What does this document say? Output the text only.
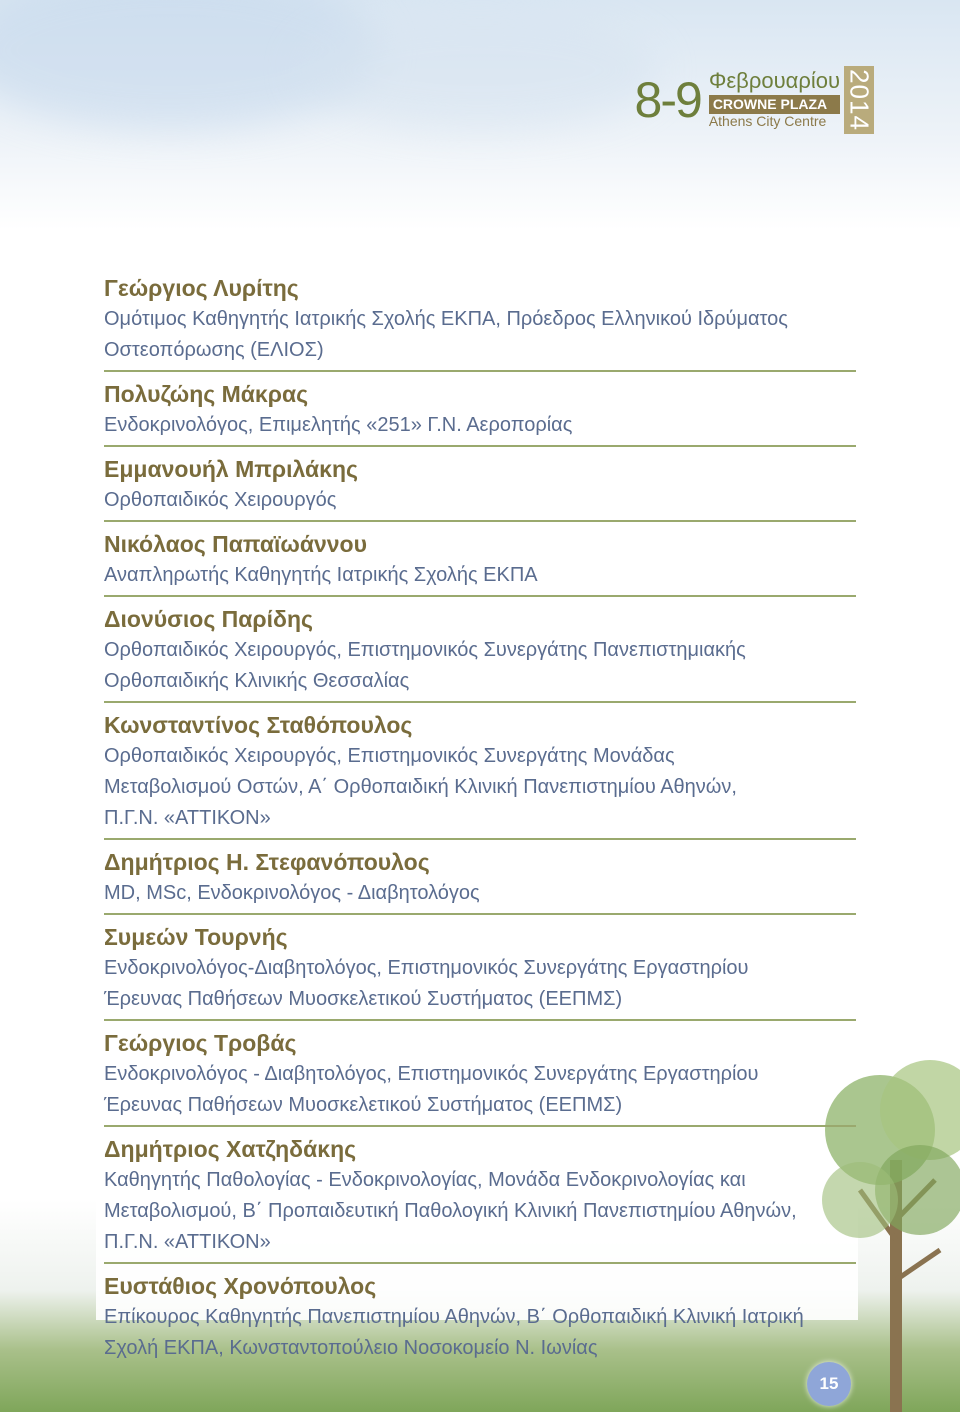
8-9 Φεβρουαρίου
CROWNE PLAZA
Athens City Centre 2014
Γεώργιος Λυρίτης
Ομότιμος Καθηγητής Ιατρικής Σχολής ΕΚΠΑ, Πρόεδρος Ελληνικού Ιδρύματος
Οστεοπόρωσης (ΕΛΙΟΣ)
Πολυζώης Μάκρας
Ενδοκρινολόγος, Επιμελητής «251» Γ.Ν. Αεροπορίας
Εμμανουήλ Μπριλάκης
Ορθοπαιδικός Χειρουργός
Νικόλαος Παπαϊωάννου
Αναπληρωτής Καθηγητής Ιατρικής Σχολής ΕΚΠΑ
Διονύσιος Παρίδης
Ορθοπαιδικός Χειρουργός, Επιστημονικός Συνεργάτης Πανεπιστημιακής
Ορθοπαιδικής Κλινικής Θεσσαλίας
Κωνσταντίνος Σταθόπουλος
Ορθοπαιδικός Χειρουργός, Επιστημονικός Συνεργάτης Μονάδας
Μεταβολισμού Οστών, Α΄ Ορθοπαιδική Κλινική Πανεπιστημίου Αθηνών,
Π.Γ.Ν. «ΑΤΤΙΚΟΝ»
Δημήτριος Η. Στεφανόπουλος
MD, MSc, Ενδοκρινολόγος - Διαβητολόγος
Συμεών Τουρνής
Ενδοκρινολόγος-Διαβητολόγος, Επιστημονικός Συνεργάτης Εργαστηρίου
Έρευνας Παθήσεων Μυοσκελετικού Συστήματος (ΕΕΠΜΣ)
Γεώργιος Τροβάς
Ενδοκρινολόγος - Διαβητολόγος, Επιστημονικός Συνεργάτης Εργαστηρίου
Έρευνας Παθήσεων Μυοσκελετικού Συστήματος (ΕΕΠΜΣ)
Δημήτριος Χατζηδάκης
Καθηγητής Παθολογίας - Ενδοκρινολογίας, Μονάδα Ενδοκρινολογίας και
Μεταβολισμού, Β΄ Προπαιδευτική Παθολογική Κλινική Πανεπιστημίου Αθηνών,
Π.Γ.Ν. «ΑΤΤΙΚΟΝ»
Ευστάθιος Χρονόπουλος
Επίκουρος Καθηγητής Πανεπιστημίου Αθηνών, Β΄ Ορθοπαιδική Κλινική Ιατρική
Σχολή ΕΚΠΑ, Κωνσταντοπούλειο Νοσοκομείο Ν. Ιωνίας
15
